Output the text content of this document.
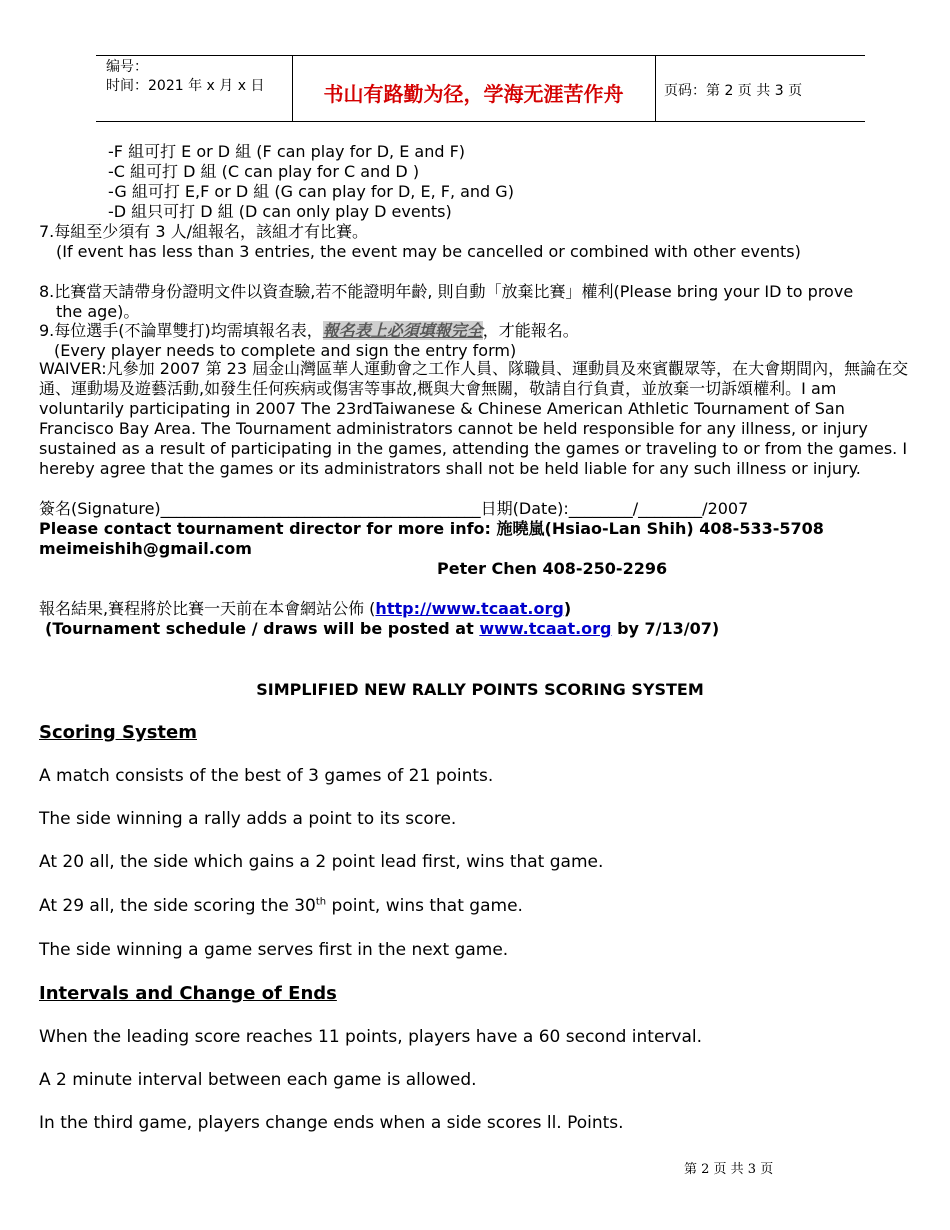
编号：
时间：2021 年 x 月 x 日	书山有路勤为径，学海无涯苦作舟	页码：第 2 页 共 3 页
-F 組可打 E or D 組 (F can play for D, E and F)
-C 組可打 D 組 (C can play for C and D )
-G 組可打 E,F or D 組 (G can play for D, E, F, and G)
-D 組只可打 D 組 (D can only play D events)
7.每組至少須有 3 人/組報名，該組才有比賽。
(If event has less than 3 entries, the event may be cancelled or combined with other events)
8.比賽當天請帶身份證明文件以資查驗,若不能證明年齡, 則自動「放棄比賽」權利(Please bring your ID to prove
the age)。
9.每位選手(不論單雙打)均需填報名表，報名表上必須填報完全，才能報名。
(Every player needs to complete and sign the entry form)
WAIVER:凡參加 2007 第 23 屆金山灣區華人運動會之工作人員、隊職員、運動員及來賓觀眾等，在大會期間內，無論在交通、運動場及遊藝活動,如發生任何疾病或傷害等事故,概與大會無關，敬請自行負責，並放棄一切訴頌權利。I am voluntarily participating in 2007 The 23rdTaiwanese & Chinese American Athletic Tournament of San Francisco Bay Area. The Tournament administrators cannot be held responsible for any illness, or injury sustained as a result of participating in the games, attending the games or traveling to or from the games. I hereby agree that the games or its administrators shall not be held liable for any such illness or injury.
簽名(Signature)________________________________________日期(Date):________/________/2007
Please contact tournament director for more info: 施曉嵐(Hsiao-Lan Shih) 408-533-5708
meimeishih@gmail.com
Peter Chen 408-250-2296
報名結果,賽程將於比賽一天前在本會網站公佈 (http://www.tcaat.org)
(Tournament schedule / draws will be posted at www.tcaat.org by 7/13/07)
SIMPLIFIED NEW RALLY POINTS SCORING SYSTEM
Scoring System
A match consists of the best of 3 games of 21 points.
The side winning a rally adds a point to its score.
At 20 all, the side which gains a 2 point lead first, wins that game.
At 29 all, the side scoring the 30th point, wins that game.
The side winning a game serves first in the next game.
Intervals and Change of Ends
When the leading score reaches 11 points, players have a 60 second interval.
A 2 minute interval between each game is allowed.
In the third game, players change ends when a side scores ll. Points.
第 2 页 共 3 页
